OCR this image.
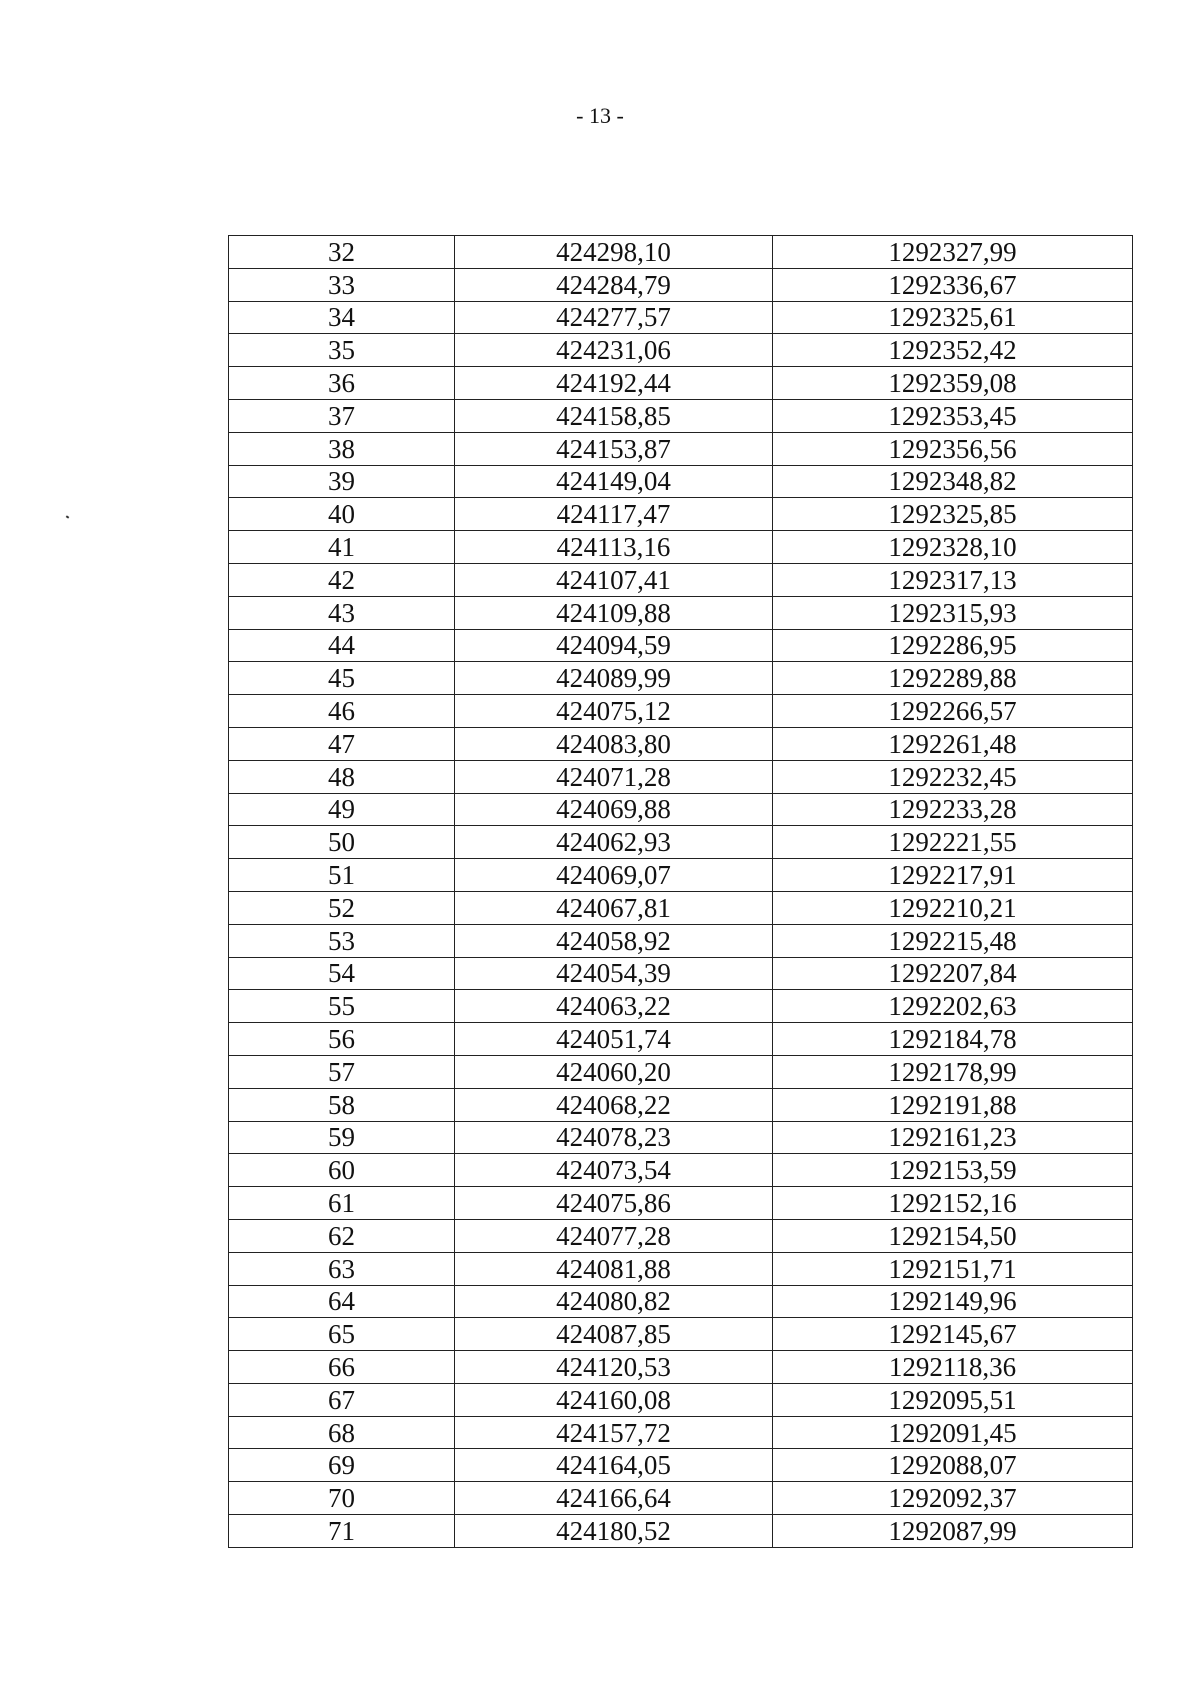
- 13 -
32	424298,10	1292327,99
33	424284,79	1292336,67
34	424277,57	1292325,61
35	424231,06	1292352,42
36	424192,44	1292359,08
37	424158,85	1292353,45
38	424153,87	1292356,56
39	424149,04	1292348,82
40	424117,47	1292325,85
41	424113,16	1292328,10
42	424107,41	1292317,13
43	424109,88	1292315,93
44	424094,59	1292286,95
45	424089,99	1292289,88
46	424075,12	1292266,57
47	424083,80	1292261,48
48	424071,28	1292232,45
49	424069,88	1292233,28
50	424062,93	1292221,55
51	424069,07	1292217,91
52	424067,81	1292210,21
53	424058,92	1292215,48
54	424054,39	1292207,84
55	424063,22	1292202,63
56	424051,74	1292184,78
57	424060,20	1292178,99
58	424068,22	1292191,88
59	424078,23	1292161,23
60	424073,54	1292153,59
61	424075,86	1292152,16
62	424077,28	1292154,50
63	424081,88	1292151,71
64	424080,82	1292149,96
65	424087,85	1292145,67
66	424120,53	1292118,36
67	424160,08	1292095,51
68	424157,72	1292091,45
69	424164,05	1292088,07
70	424166,64	1292092,37
71	424180,52	1292087,99
